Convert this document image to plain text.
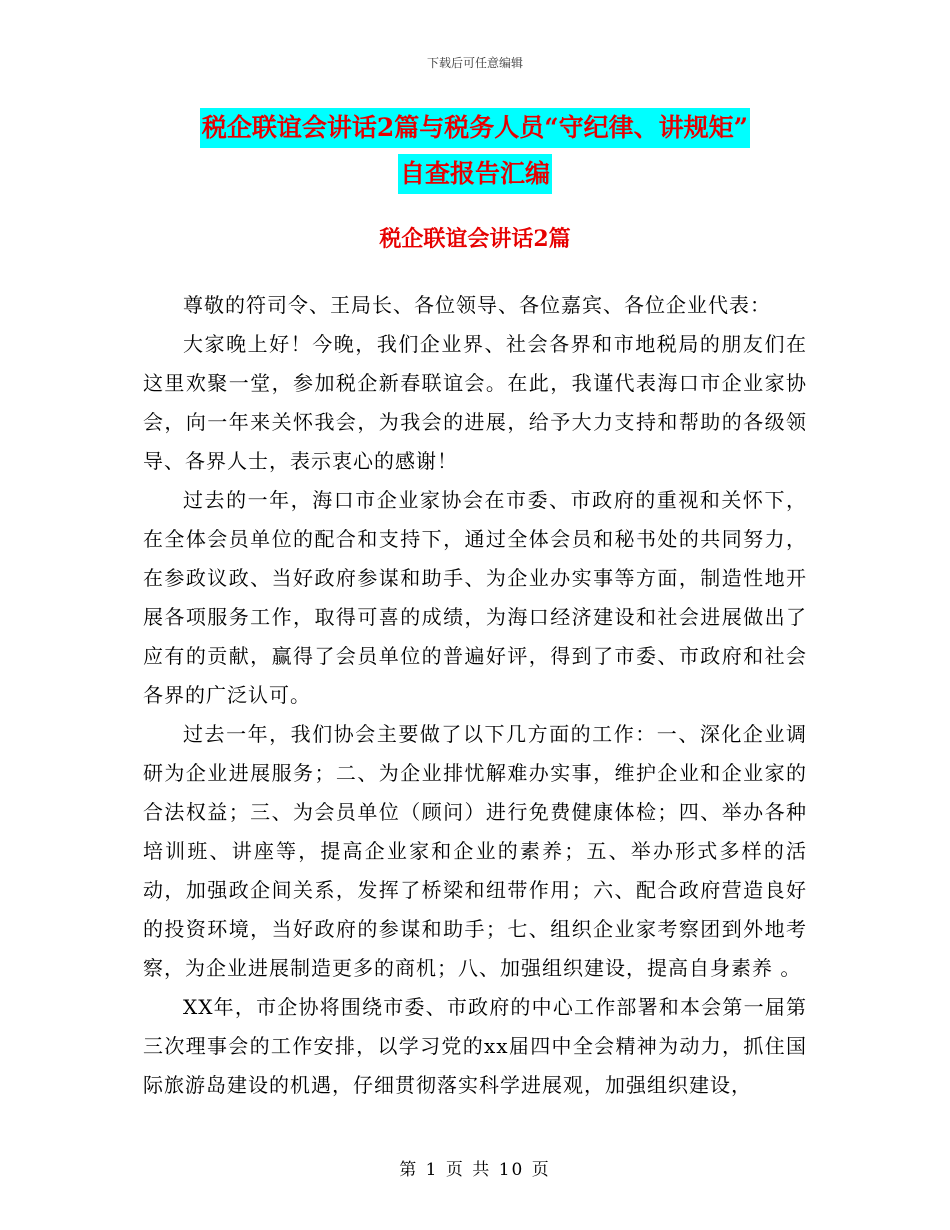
下载后可任意编辑
税企联谊会讲话2篇与税务人员“守纪律、讲规矩”
自查报告汇编
税企联谊会讲话2篇

尊敬的符司令、王局长、各位领导、各位嘉宾、各位企业代表：

大家晚上好！今晚，我们企业界、社会各界和市地税局的朋友们在这里欢聚一堂，参加税企新春联谊会。在此，我谨代表海口市企业家协会，向一年来关怀我会，为我会的进展，给予大力支持和帮助的各级领导、各界人士，表示衷心的感谢！

过去的一年，海口市企业家协会在市委、市政府的重视和关怀下，在全体会员单位的配合和支持下，通过全体会员和秘书处的共同努力，在参政议政、当好政府参谋和助手、为企业办实事等方面，制造性地开展各项服务工作，取得可喜的成绩，为海口经济建设和社会进展做出了应有的贡献，赢得了会员单位的普遍好评，得到了市委、市政府和社会各界的广泛认可。

过去一年，我们协会主要做了以下几方面的工作：一、深化企业调研为企业进展服务；二、为企业排忧解难办实事，维护企业和企业家的合法权益；三、为会员单位（顾问）进行免费健康体检；四、举办各种培训班、讲座等，提高企业家和企业的素养；五、举办形式多样的活动，加强政企间关系，发挥了桥梁和纽带作用；六、配合政府营造良好的投资环境，当好政府的参谋和助手；七、组织企业家考察团到外地考察，为企业进展制造更多的商机；八、加强组织建设，提高自身素养 。

XX年，市企协将围绕市委、市政府的中心工作部署和本会第一届第三次理事会的工作安排，以学习党的xx届四中全会精神为动力，抓住国际旅游岛建设的机遇，仔细贯彻落实科学进展观，加强组织建设，

第 1 页 共 10 页
